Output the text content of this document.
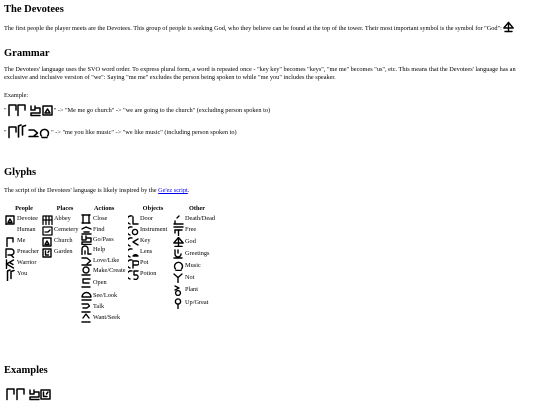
The Devotees

The first people the player meets are the Devotees. This group of people is seeking God, who they believe can be found at the top of the tower. Their most important symbol is the symbol for "God":

Grammar

The Devotees' language uses the SVO word order. To express plural form, a word is repeated once - "key key" becomes "keys", "me me" becomes "us", etc. This means that the Devotees' language has an exclusive and inclusive version of "we": Saying "me me" excludes the person being spoken to while "me you" includes the speaker.

Example:

"	" -> "Me me go church" -> "we are going to the church" (excluding person spoken to)
"	" -> "me you like music" -> "we like music" (including person spoken to)
Glyphs

The script of the Devotees' language is likely inspired by the Ge'ez script.

People
Devotee
Human
Me
Preacher
Warrior
You
Places
Abbey
Cemetery
Church
Garden
Actions
Close
Find
Go/Pass
Help
Love/Like
Make/Create
Open
See/Look
Talk
Want/Seek
Objects
Door
Instrument
Key
Lens
Pot
Potion
Other
Death/Dead
Free
God
Greetings
Music
Not
Plant
Up/Great
Examples
